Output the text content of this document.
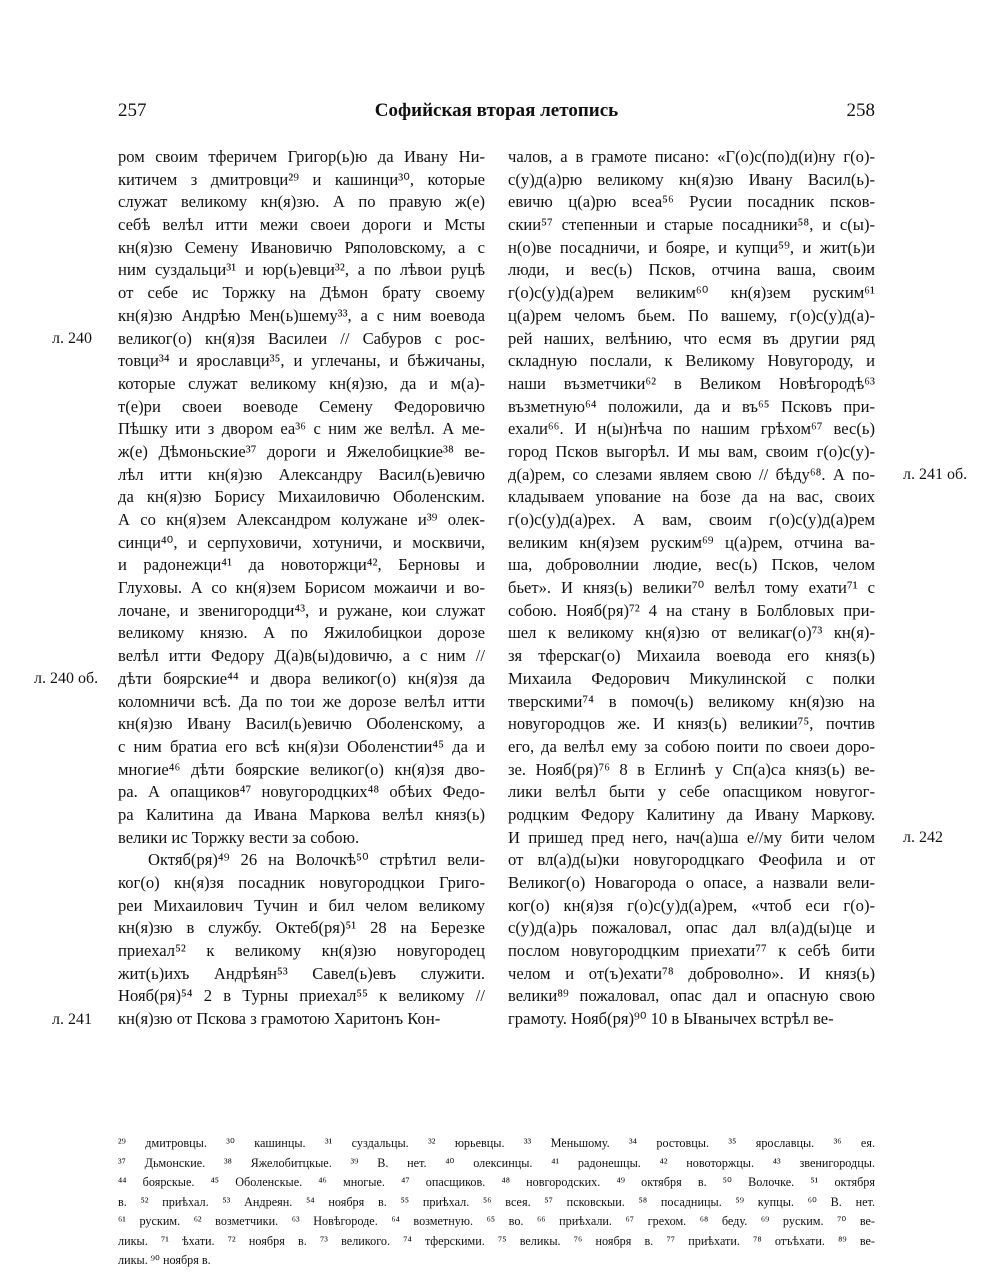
257	Софийская вторая летопись	258
ром своим тферичем Григор(ь)ю да Ивану Ни-
китичем з дмитровци²⁹ и кашинци³⁰, которые
служат великому кн(я)зю. А по правую ж(е)
себѣ велѣл итти межи своеи дороги и Мсты
кн(я)зю Семену Ивановичю Ряполовскому, а с
ним суздальци³¹ и юр(ь)евци³², а по лѣвои руцѣ
от себе ис Торжку на Дѣмон брату своему
кн(я)зю Андрѣю Мен(ь)шему³³, а с ним воевода
великог(о) кн(я)зя Василеи // Сабуров с рос-
товци³⁴ и ярославци³⁵, и углечаны, и бѣжичаны,
которые служат великому кн(я)зю, да и м(а)-
т(е)ри своеи воеводе Семену Федоровичю
Пѣшку ити з двором еа³⁶ с ним же велѣл. А ме-
ж(е) Дѣмоньские³⁷ дороги и Яжелобицкие³⁸ ве-
лѣл итти кн(я)зю Александру Васил(ь)евичю
да кн(я)зю Борису Михаиловичю Оболенским.
А со кн(я)зем Александром колужане и³⁹ олек-
синци⁴⁰, и серпуховичи, хотуничи, и москвичи,
и радонежци⁴¹ да новоторжци⁴², Берновы и
Глуховы. А со кн(я)зем Борисом можаичи и во-
лочане, и звенигородци⁴³, и ружане, кои служат
великому князю. А по Яжилобицкои дорозе
велѣл итти Федору Д(а)в(ы)довичю, а с ним //
дѣти боярские⁴⁴ и двора великог(о) кн(я)зя да
коломничи всѣ. Да по тои же дорозе велѣл итти
кн(я)зю Ивану Васил(ь)евичю Оболенскому, а
с ним братиа его всѣ кн(я)зи Оболенстии⁴⁵ да и
многие⁴⁶ дѣти боярские великог(о) кн(я)зя дво-
ра. А опащиков⁴⁷ новугородцких⁴⁸ обѣих Федо-
ра Калитина да Ивана Маркова велѣл княз(ь)
велики ис Торжку вести за собою.
Октяб(ря)⁴⁹ 26 на Волочкѣ⁵⁰ стрѣтил вели-
ког(о) кн(я)зя посадник новугородцкои Григо-
реи Михаилович Тучин и бил челом великому
кн(я)зю в службу. Октеб(ря)⁵¹ 28 на Березке
приехал⁵² к великому кн(я)зю новугородец
жит(ь)ихъ Андрѣян⁵³ Савел(ь)евъ служити.
Нояб(ря)⁵⁴ 2 в Турны приехал⁵⁵ к великому //
кн(я)зю от Пскова з грамотою Харитонъ Кон-
чалов, а в грамоте писано: «Г(о)с(по)д(и)ну г(о)-
с(у)д(а)рю великому кн(я)зю Ивану Васил(ь)-
евичю ц(а)рю всеа⁵⁶ Русии посадник псков-
скии⁵⁷ степенныи и старые посадники⁵⁸, и с(ы)-
н(о)ве посадничи, и бояре, и купци⁵⁹, и жит(ь)и
люди, и вес(ь) Псков, отчина ваша, своим
г(о)с(у)д(а)рем великим⁶⁰ кн(я)зем руским⁶¹
ц(а)рем челомъ бьем. По вашему, г(о)с(у)д(а)-
рей наших, велѣнию, что есмя въ другии ряд
складную послали, к Великому Новугороду, и
наши възметчики⁶² в Великом Новѣгородѣ⁶³
възметную⁶⁴ положили, да и въ⁶⁵ Псковъ при-
ехали⁶⁶. И н(ы)нѣча по нашим грѣхом⁶⁷ вес(ь)
город Псков выгорѣл. И мы вам, своим г(о)с(у)-
д(а)рем, со слезами являем свою // бѣду⁶⁸. А по-
кладываем упование на бозе да на вас, своих
г(о)с(у)д(а)рех. А вам, своим г(о)с(у)д(а)рем
великим кн(я)зем руским⁶⁹ ц(а)рем, отчина ва-
ша, доброволнии людие, вес(ь) Псков, челом
бьет». И княз(ь) велики⁷⁰ велѣл тому ехати⁷¹ с
собою. Нояб(ря)⁷² 4 на стану в Болбловых при-
шел к великому кн(я)зю от великаг(о)⁷³ кн(я)-
зя тферскаг(о) Михаила воевода его княз(ь)
Михаила Федорович Микулинской с полки
тверскими⁷⁴ в помоч(ь) великому кн(я)зю на
новугородцов же. И княз(ь) великии⁷⁵, почтив
его, да велѣл ему за собою поити по своеи доро-
зе. Нояб(ря)⁷⁶ 8 в Еглинѣ у Сп(а)са княз(ь) ве-
лики велѣл быти у себе опасщиком новугог-
родцким Федору Калитину да Ивану Маркову.
И пришед пред него, нач(а)ша е//му бити челом
от вл(а)д(ы)ки новугородцкаго Феофила и от
Великог(о) Новагорода о опасе, а назвали вели-
ког(о) кн(я)зя г(о)с(у)д(а)рем, «чтоб еси г(о)-
с(у)д(а)рь пожаловал, опас дал вл(а)д(ы)це и
послом новугородцким приехати⁷⁷ к себѣ бити
челом и от(ъ)ехати⁷⁸ доброволно». И княз(ь)
велики⁸⁹ пожаловал, опас дал и опасную свою
грамоту. Нояб(ря)⁹⁰ 10 в Ыванычех встрѣл ве-
л. 240
л. 240 об.
л. 241
л. 241 об.
л. 242
²⁹ дмитровцы. ³⁰ кашинцы. ³¹ суздальцы. ³² юрьевцы. ³³ Меньшому. ³⁴ ростовцы. ³⁵ ярославцы. ³⁶ ея.
³⁷ Дьмонские. ³⁸ Яжелобитцкые. ³⁹ В. нет. ⁴⁰ олексинцы. ⁴¹ радонешцы. ⁴² новоторжцы. ⁴³ звенигородцы.
⁴⁴ боярскые. ⁴⁵ Оболенскые. ⁴⁶ многые. ⁴⁷ опасщиков. ⁴⁸ новгородских. ⁴⁹ октября в. ⁵⁰ Волочке. ⁵¹ октября
в. ⁵² приѣхал. ⁵³ Андреян. ⁵⁴ ноября в. ⁵⁵ приѣхал. ⁵⁶ всея. ⁵⁷ псковскыи. ⁵⁸ посадницы. ⁵⁹ купцы. ⁶⁰ В. нет.
⁶¹ руским. ⁶² возметчики. ⁶³ Новѣгороде. ⁶⁴ возметную. ⁶⁵ во. ⁶⁶ приѣхали. ⁶⁷ грехом. ⁶⁸ беду. ⁶⁹ руским. ⁷⁰ ве-
ликы. ⁷¹ ѣхати. ⁷² ноября в. ⁷³ великого. ⁷⁴ тферскими. ⁷⁵ великы. ⁷⁶ ноября в. ⁷⁷ приѣхати. ⁷⁸ отъѣхати. ⁸⁹ ве-
ликы. ⁹⁰ ноября в.
